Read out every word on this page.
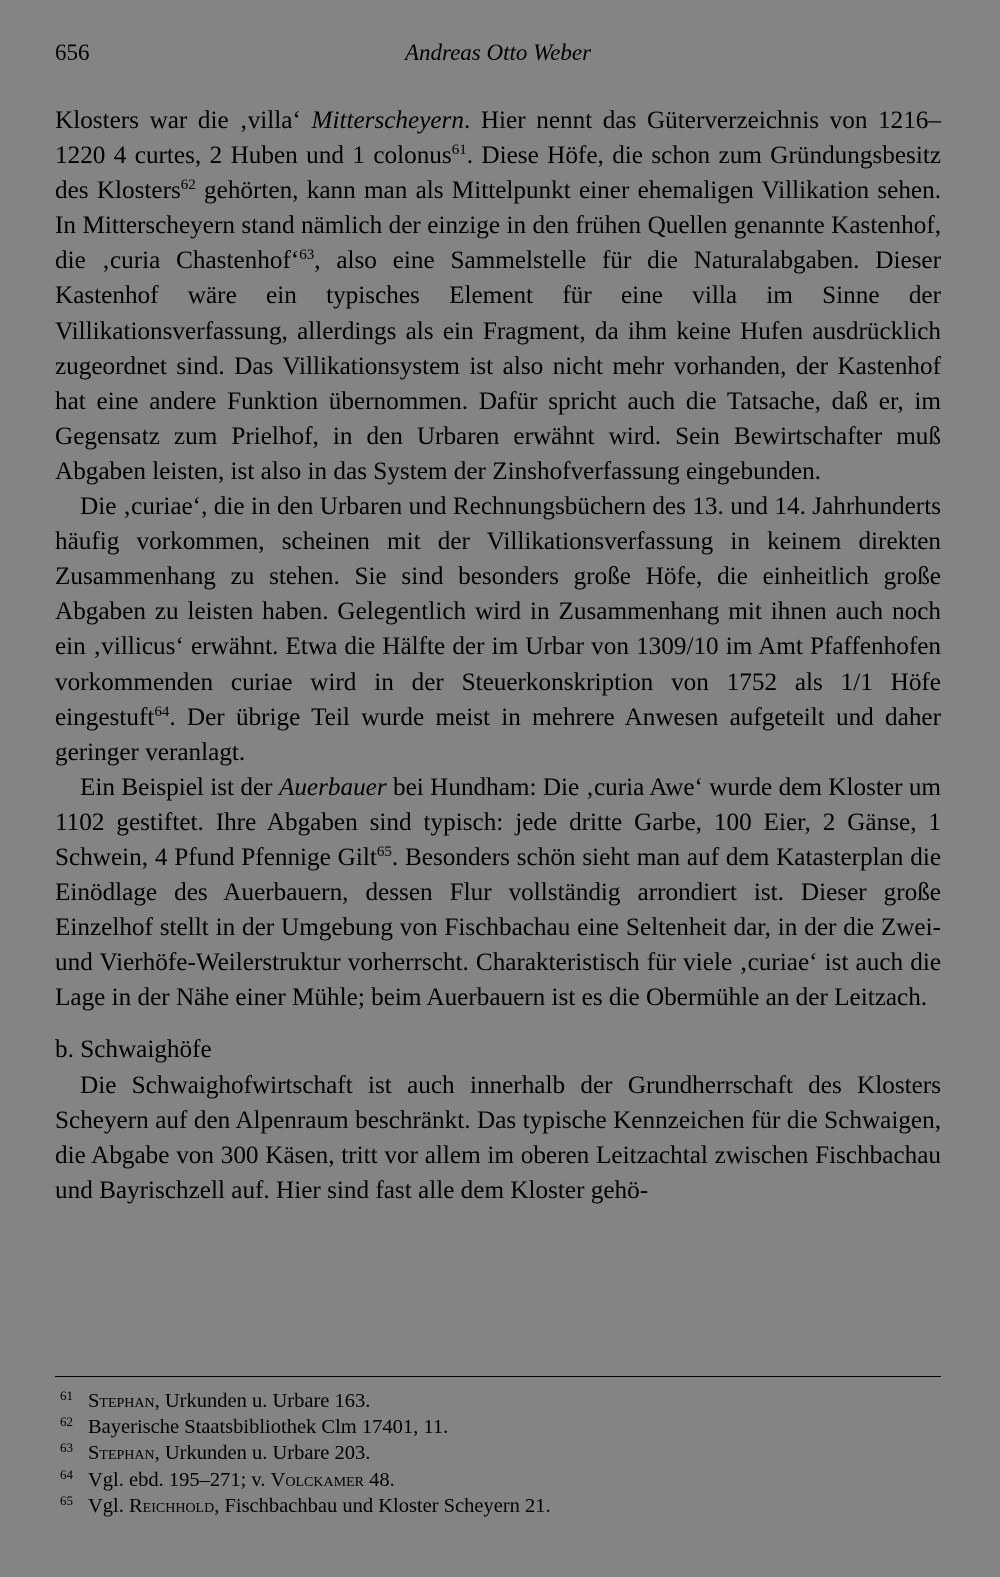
656	Andreas Otto Weber

Klosters war die ‚villa‘ Mitterscheyern. Hier nennt das Güterverzeichnis von 1216–1220 4 curtes, 2 Huben und 1 colonus$^{61}$. Diese Höfe, die schon zum Gründungsbesitz des Klosters$^{62}$ gehörten, kann man als Mittelpunkt einer ehemaligen Villikation sehen. In Mitterscheyern stand nämlich der einzige in den frühen Quellen genannte Kastenhof, die ‚curia Chastenhof‘$^{63}$, also eine Sammelstelle für die Naturalabgaben. Dieser Kastenhof wäre ein typisches Element für eine villa im Sinne der Villikationsverfassung, allerdings als ein Fragment, da ihm keine Hufen ausdrücklich zugeordnet sind. Das Villikationsystem ist also nicht mehr vorhanden, der Kastenhof hat eine andere Funktion übernommen. Dafür spricht auch die Tatsache, daß er, im Gegensatz zum Prielhof, in den Urbaren erwähnt wird. Sein Bewirtschafter muß Abgaben leisten, ist also in das System der Zinshofverfassung eingebunden.

Die ‚curiae‘, die in den Urbaren und Rechnungsbüchern des 13. und 14. Jahrhunderts häufig vorkommen, scheinen mit der Villikationsverfassung in keinem direkten Zusammenhang zu stehen. Sie sind besonders große Höfe, die einheitlich große Abgaben zu leisten haben. Gelegentlich wird in Zusammenhang mit ihnen auch noch ein ‚villicus‘ erwähnt. Etwa die Hälfte der im Urbar von 1309/10 im Amt Pfaffenhofen vorkommenden curiae wird in der Steuerkonskription von 1752 als 1/1 Höfe eingestuft$^{64}$. Der übrige Teil wurde meist in mehrere Anwesen aufgeteilt und daher geringer veranlagt.

Ein Beispiel ist der Auerbauer bei Hundham: Die ‚curia Awe‘ wurde dem Kloster um 1102 gestiftet. Ihre Abgaben sind typisch: jede dritte Garbe, 100 Eier, 2 Gänse, 1 Schwein, 4 Pfund Pfennige Gilt$^{65}$. Besonders schön sieht man auf dem Katasterplan die Einödlage des Auerbauern, dessen Flur vollständig arrondiert ist. Dieser große Einzelhof stellt in der Umgebung von Fischbachau eine Seltenheit dar, in der die Zwei- und Vierhöfe-Weilerstruktur vorherrscht. Charakteristisch für viele ‚curiae‘ ist auch die Lage in der Nähe einer Mühle; beim Auerbauern ist es die Obermühle an der Leitzach.

b. Schwaighöfe

Die Schwaighofwirtschaft ist auch innerhalb der Grundherrschaft des Klosters Scheyern auf den Alpenraum beschränkt. Das typische Kennzeichen für die Schwaigen, die Abgabe von 300 Käsen, tritt vor allem im oberen Leitzachtal zwischen Fischbachau und Bayrischzell auf. Hier sind fast alle dem Kloster gehö-

61 Stephan, Urkunden u. Urbare 163.
62 Bayerische Staatsbibliothek Clm 17401, 11.
63 Stephan, Urkunden u. Urbare 203.
64 Vgl. ebd. 195–271; v. Volckamer 48.
65 Vgl. Reichhold, Fischbachbau und Kloster Scheyern 21.
